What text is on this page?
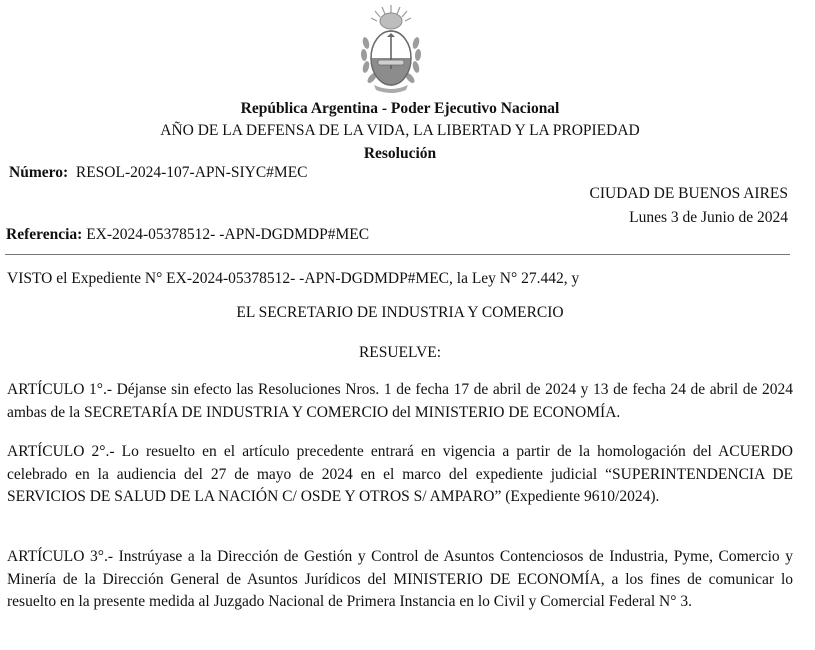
República Argentina - Poder Ejecutivo Nacional
AÑO DE LA DEFENSA DE LA VIDA, LA LIBERTAD Y LA PROPIEDAD
Resolución
Número: RESOL-2024-107-APN-SIYC#MEC
CIUDAD DE BUENOS AIRES
Lunes 3 de Junio de 2024
Referencia: EX-2024-05378512- -APN-DGDMDP#MEC
VISTO el Expediente N° EX-2024-05378512- -APN-DGDMDP#MEC, la Ley N° 27.442, y
EL SECRETARIO DE INDUSTRIA Y COMERCIO
RESUELVE:

ARTÍCULO 1°.- Déjanse sin efecto las Resoluciones Nros. 1 de fecha 17 de abril de 2024 y 13 de fecha 24 de abril de 2024 ambas de la SECRETARÍA DE INDUSTRIA Y COMERCIO del MINISTERIO DE ECONOMÍA.

ARTÍCULO 2°.- Lo resuelto en el artículo precedente entrará en vigencia a partir de la homologación del ACUERDO celebrado en la audiencia del 27 de mayo de 2024 en el marco del expediente judicial “SUPERINTENDENCIA DE SERVICIOS DE SALUD DE LA NACIÓN C/ OSDE Y OTROS S/ AMPARO” (Expediente 9610/2024).

ARTÍCULO 3°.- Instrúyase a la Dirección de Gestión y Control de Asuntos Contenciosos de Industria, Pyme, Comercio y Minería de la Dirección General de Asuntos Jurídicos del MINISTERIO DE ECONOMÍA, a los fines de comunicar lo resuelto en la presente medida al Juzgado Nacional de Primera Instancia en lo Civil y Comercial Federal N° 3.
